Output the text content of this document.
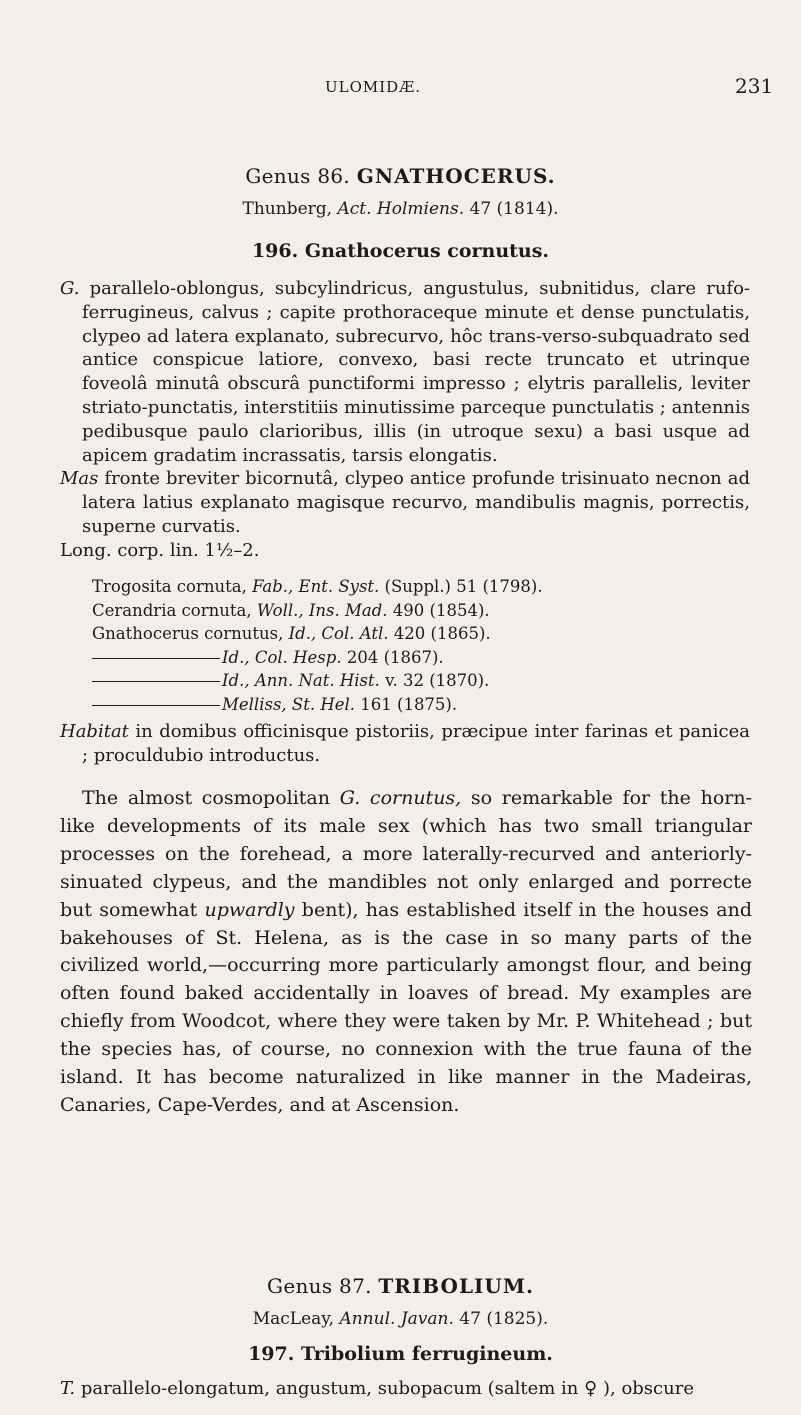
ULOMIDÆ.	231
Genus 86. GNATHOCERUS.
Thunberg, Act. Holmiens. 47 (1814).
196. Gnathocerus cornutus.
G. parallelo-oblongus, subcylindricus, angustulus, subnitidus, clare rufo-ferrugineus, calvus ; capite prothoraceque minute et dense punctulatis, clypeo ad latera explanato, subrecurvo, hôc trans-verso-subquadrato sed antice conspicue latiore, convexo, basi recte truncato et utrinque foveolâ minutâ obscurâ punctiformi impresso ; elytris parallelis, leviter striato-punctatis, interstitiis minutissime parceque punctulatis ; antennis pedibusque paulo clarioribus, illis (in utroque sexu) a basi usque ad apicem gradatim incrassatis, tarsis elongatis.
Mas fronte breviter bicornutâ, clypeo antice profunde trisinuato necnon ad latera latius explanato magisque recurvo, mandibulis magnis, porrectis, superne curvatis.
Long. corp. lin. 1½–2.
Trogosita cornuta, Fab., Ent. Syst. (Suppl.) 51 (1798).
Cerandria cornuta, Woll., Ins. Mad. 490 (1854).
Gnathocerus cornutus, Id., Col. Atl. 420 (1865).
Id., Col. Hesp. 204 (1867).
Id., Ann. Nat. Hist. v. 32 (1870).
Melliss, St. Hel. 161 (1875).
Habitat in domibus officinisque pistoriis, præcipue inter farinas et panicea ; proculdubio introductus.
The almost cosmopolitan G. cornutus, so remarkable for the horn-like developments of its male sex (which has two small triangular processes on the forehead, a more laterally-recurved and anteriorly-sinuated clypeus, and the mandibles not only enlarged and porrecte but somewhat upwardly bent), has established itself in the houses and bakehouses of St. Helena, as is the case in so many parts of the civilized world,—occurring more particularly amongst flour, and being often found baked accidentally in loaves of bread. My examples are chiefly from Woodcot, where they were taken by Mr. P. Whitehead ; but the species has, of course, no connexion with the true fauna of the island. It has become naturalized in like manner in the Madeiras, Canaries, Cape-Verdes, and at Ascension.
Genus 87. TRIBOLIUM.
MacLeay, Annul. Javan. 47 (1825).
197. Tribolium ferrugineum.
T. parallelo-elongatum, angustum, subopacum (saltem in ♀ ), obscure
